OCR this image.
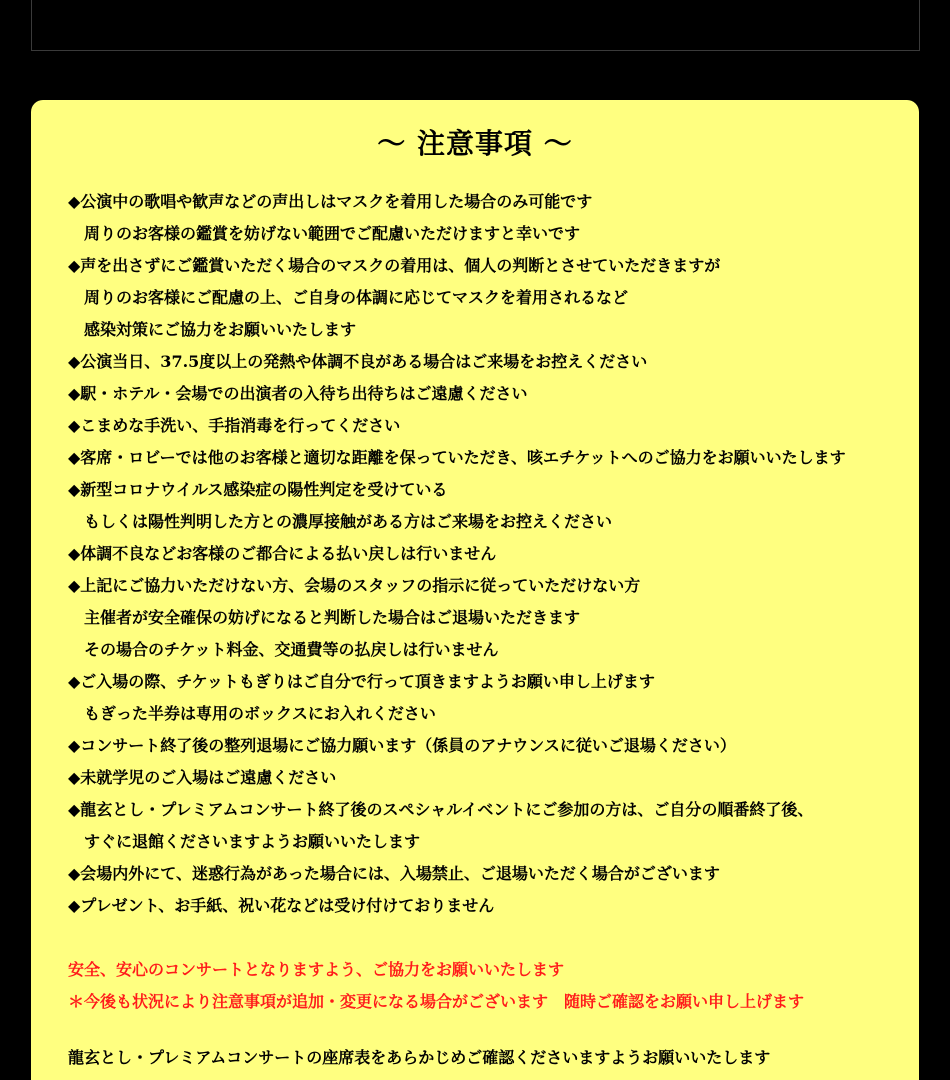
〜 注意事項 〜
◆公演中の歌唱や歓声などの声出しはマスクを着用した場合のみ可能です
周りのお客様の鑑賞を妨げない範囲でご配慮いただけますと幸いです
◆声を出さずにご鑑賞いただく場合のマスクの着用は、個人の判断とさせていただきますが
周りのお客様にご配慮の上、ご自身の体調に応じてマスクを着用されるなど
感染対策にご協力をお願いいたします
◆公演当日、37.5度以上の発熱や体調不良がある場合はご来場をお控えください
◆駅・ホテル・会場での出演者の入待ち出待ちはご遠慮ください
◆こまめな手洗い、手指消毒を行ってください
◆客席・ロビーでは他のお客様と適切な距離を保っていただき、咳エチケットへのご協力をお願いいたします
◆新型コロナウイルス感染症の陽性判定を受けている
もしくは陽性判明した方との濃厚接触がある方はご来場をお控えください
◆体調不良などお客様のご都合による払い戻しは行いません
◆上記にご協力いただけない方、会場のスタッフの指示に従っていただけない方
主催者が安全確保の妨げになると判断した場合はご退場いただきます
その場合のチケット料金、交通費等の払戻しは行いません
◆ご入場の際、チケットもぎりはご自分で行って頂きますようお願い申し上げます
もぎった半券は専用のボックスにお入れください
◆コンサート終了後の整列退場にご協力願います（係員のアナウンスに従いご退場ください）
◆未就学児のご入場はご遠慮ください
◆龍玄とし・プレミアムコンサート終了後のスペシャルイベントにご参加の方は、ご自分の順番終了後、
すぐに退館くださいますようお願いいたします
◆会場内外にて、迷惑行為があった場合には、入場禁止、ご退場いただく場合がございます
◆プレゼント、お手紙、祝い花などは受け付けておりません
安全、安心のコンサートとなりますよう、ご協力をお願いいたします
＊今後も状況により注意事項が追加・変更になる場合がございます　随時ご確認をお願い申し上げます
龍玄とし・プレミアムコンサートの座席表をあらかじめご確認くださいますようお願いいたします
